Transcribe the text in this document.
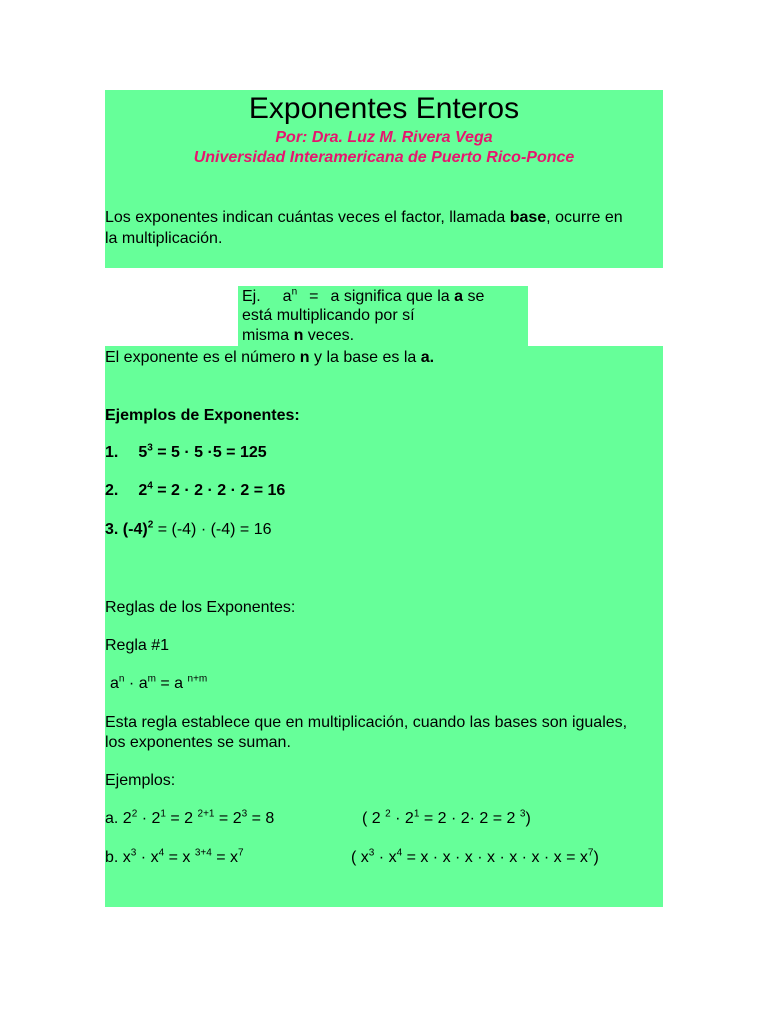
Exponentes Enteros
Por: Dra. Luz M. Rivera Vega
Universidad Interamericana de Puerto Rico-Ponce
Los exponentes indican cuántas veces el factor, llamada base, ocurre en
la multiplicación.
Ej. $a^n = a$ significa que la a se
está multiplicando por sí
misma n veces.
El exponente es el número n y la base es la a.
Ejemplos de Exponentes:
1. $5^3 = 5 \cdot 5 \cdot 5 = 125$
2. $2^4 = 2 \cdot 2 \cdot 2 \cdot 2 = 16$
3. $(-4)^2 = (-4) \cdot (-4) = 16$
Reglas de los Exponentes:
Regla #1
$a^n \cdot a^m = a$ $^{n+m}$
Esta regla establece que en multiplicación, cuando las bases son iguales,
los exponentes se suman.
Ejemplos:
a. $2^2 \cdot 2^1 = 2$ $^{2+1} = 2^3 = 8$	( 2 $^2 \cdot 2^1 = 2 \cdot 2\cdot 2 = 2$ $^3$)
b. $x^3 \cdot x^4 = x$ $^{3+4} = x^7$	( $x^3 \cdot x^4 = x \cdot x \cdot x \cdot x \cdot x \cdot x \cdot x = x^7$)
